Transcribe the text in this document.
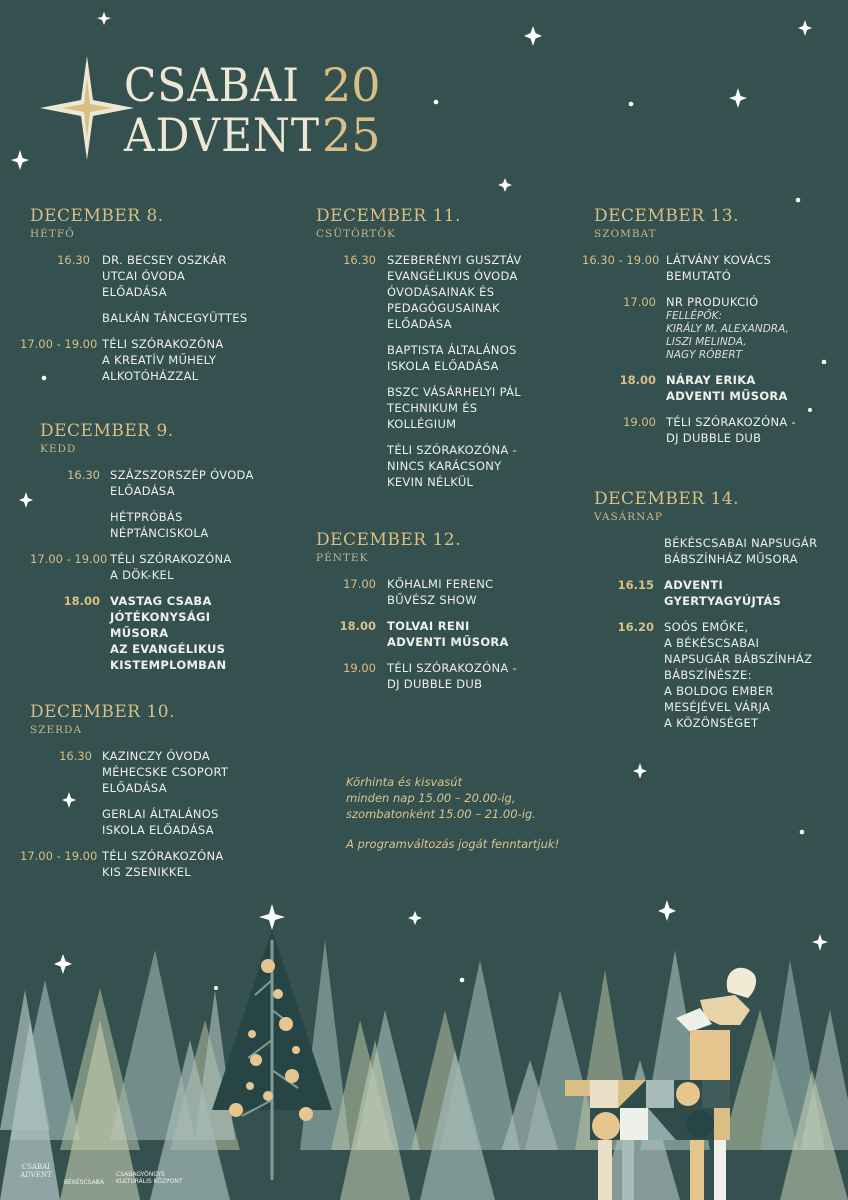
CSABAI
ADVENT
20
25
DECEMBER 8.
HÉTFŐ
16.30 DR. BECSEY OSZKÁR
UTCAI ÓVODA
ELŐADÁSA
BALKÁN TÁNCEGYÜTTES
17.00 - 19.00 TÉLI SZÓRAKOZÓNA
A KREATÍV MŰHELY
ALKOTÓHÁZZAL
DECEMBER 9.
KEDD
16.30 SZÁZSZORSZÉP ÓVODA
ELŐADÁSA
HÉTPRÓBÁS
NÉPTÁNCISKOLA
17.00 - 19.00 TÉLI SZÓRAKOZÓNA
A DÖK-KEL
18.00 VASTAG CSABA
JÓTÉKONYSÁGI
MŰSORA
AZ EVANGÉLIKUS
KISTEMPLOMBAN
DECEMBER 10.
SZERDA
16.30 KAZINCZY ÓVODA
MÉHECSKE CSOPORT
ELŐADÁSA
GERLAI ÁLTALÁNOS
ISKOLA ELŐADÁSA
17.00 - 19.00 TÉLI SZÓRAKOZÓNA
KIS ZSENIKKEL
DECEMBER 11.
CSÜTÖRTÖK
16.30 SZEBERÉNYI GUSZTÁV
EVANGÉLIKUS ÓVODA
ÓVODÁSAINAK ÉS
PEDAGÓGUSAINAK
ELŐADÁSA
BAPTISTA ÁLTALÁNOS
ISKOLA ELŐADÁSA
BSZC VÁSÁRHELYI PÁL
TECHNIKUM ÉS
KOLLÉGIUM
TÉLI SZÓRAKOZÓNA -
NINCS KARÁCSONY
KEVIN NÉLKÜL
DECEMBER 12.
PÉNTEK
17.00 KŐHALMI FERENC
BŰVÉSZ SHOW
18.00 TOLVAI RENI
ADVENTI MŰSORA
19.00 TÉLI SZÓRAKOZÓNA -
DJ DUBBLE DUB
DECEMBER 13.
SZOMBAT
16.30 - 19.00 LÁTVÁNY KOVÁCS
BEMUTATÓ
17.00 NR PRODUKCIÓ
FELLÉPŐK:
KIRÁLY M. ALEXANDRA,
LISZI MELINDA,
NAGY RÓBERT
18.00 NÁRAY ERIKA
ADVENTI MŰSORA
19.00 TÉLI SZÓRAKOZÓNA -
DJ DUBBLE DUB
DECEMBER 14.
VASÁRNAP
BÉKÉSCSABAI NAPSUGÁR
BÁBSZÍNHÁZ MŰSORA
16.15 ADVENTI
GYERTYAGYÚJTÁS
16.20 SOÓS EMŐKE,
A BÉKÉSCSABAI
NAPSUGÁR BÁBSZÍNHÁZ
BÁBSZÍNÉSZE:
A BOLDOG EMBER
MESÉJÉVEL VÁRJA
A KÖZÖNSÉGET
Körhinta és kisvasút
minden nap 15.00 – 20.00-ig,
szombatonként 15.00 – 21.00-ig.
A programváltozás jogát fenntartjuk!
CSABAI
ADVENT
BÉKÉSCSABA
CSABAGYÖNGYE
KULTURÁLIS KÖZPONT
